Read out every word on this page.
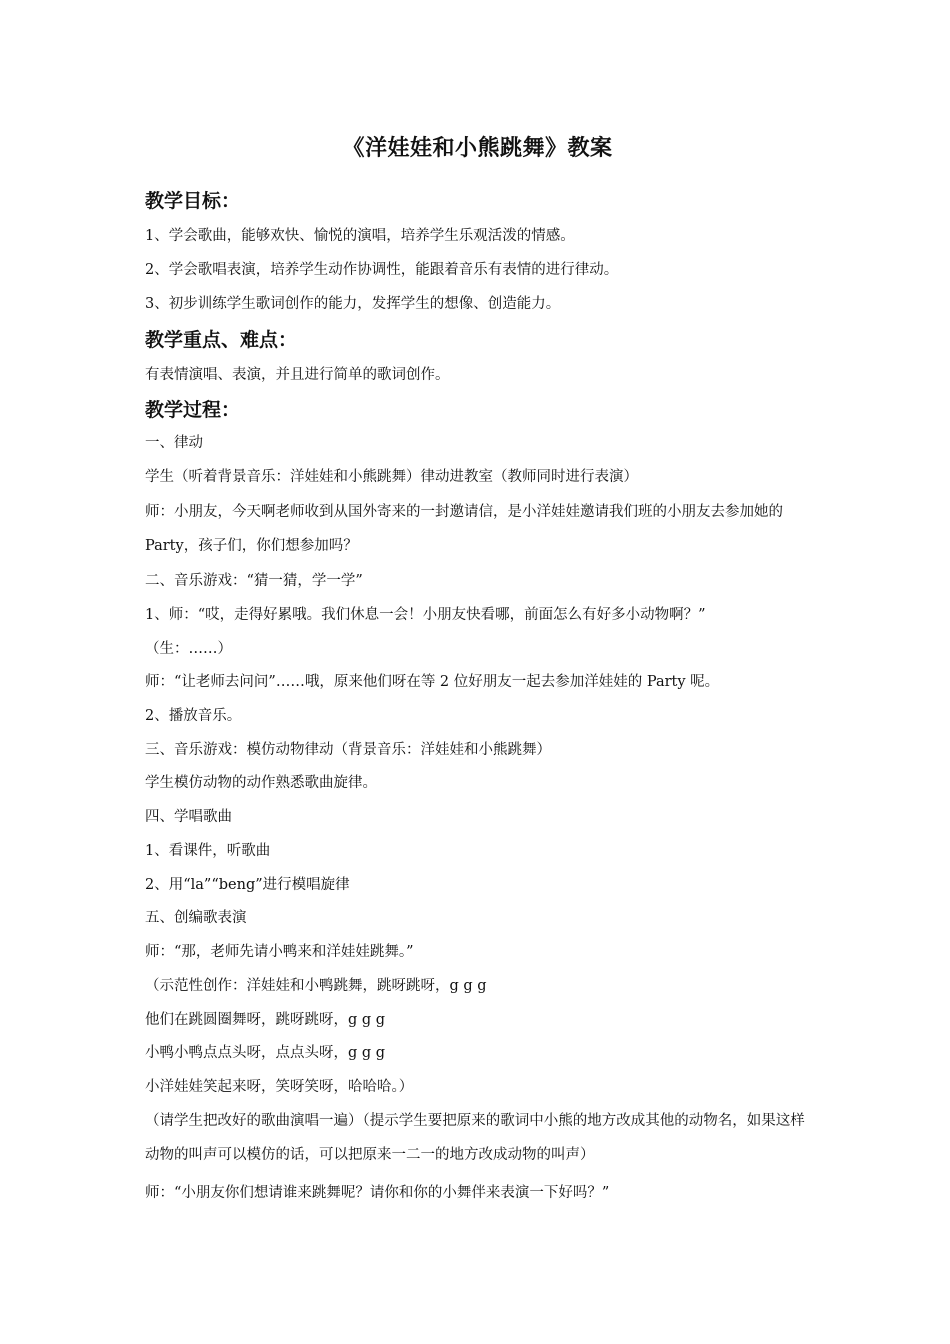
《洋娃娃和小熊跳舞》教案
教学目标：
1、学会歌曲，能够欢快、愉悦的演唱，培养学生乐观活泼的情感。
2、学会歌唱表演，培养学生动作协调性，能跟着音乐有表情的进行律动。
3、初步训练学生歌词创作的能力，发挥学生的想像、创造能力。
教学重点、难点：
有表情演唱、表演，并且进行简单的歌词创作。
教学过程：
一、律动
学生（听着背景音乐：洋娃娃和小熊跳舞）律动进教室（教师同时进行表演）
师：小朋友，今天啊老师收到从国外寄来的一封邀请信，是小洋娃娃邀请我们班的小朋友去参加她的 Party，孩子们，你们想参加吗？
二、音乐游戏：“猜一猜，学一学”
1、师：“哎，走得好累哦。我们休息一会！小朋友快看哪，前面怎么有好多小动物啊？”
（生：……）
师：“让老师去问问”……哦，原来他们呀在等 2 位好朋友一起去参加洋娃娃的 Party 呢。
2、播放音乐。
三、音乐游戏：模仿动物律动（背景音乐：洋娃娃和小熊跳舞）
学生模仿动物的动作熟悉歌曲旋律。
四、学唱歌曲
1、看课件，听歌曲
2、用“la”“beng”进行模唱旋律
五、创编歌表演
师：“那，老师先请小鸭来和洋娃娃跳舞。”
（示范性创作：洋娃娃和小鸭跳舞，跳呀跳呀，g g g
他们在跳圆圈舞呀，跳呀跳呀，g g g
小鸭小鸭点点头呀，点点头呀，g g g
小洋娃娃笑起来呀，笑呀笑呀，哈哈哈。）
（请学生把改好的歌曲演唱一遍）（提示学生要把原来的歌词中小熊的地方改成其他的动物名，如果这样动物的叫声可以模仿的话，可以把原来一二一的地方改成动物的叫声）
师：“小朋友你们想请谁来跳舞呢？请你和你的小舞伴来表演一下好吗？”
